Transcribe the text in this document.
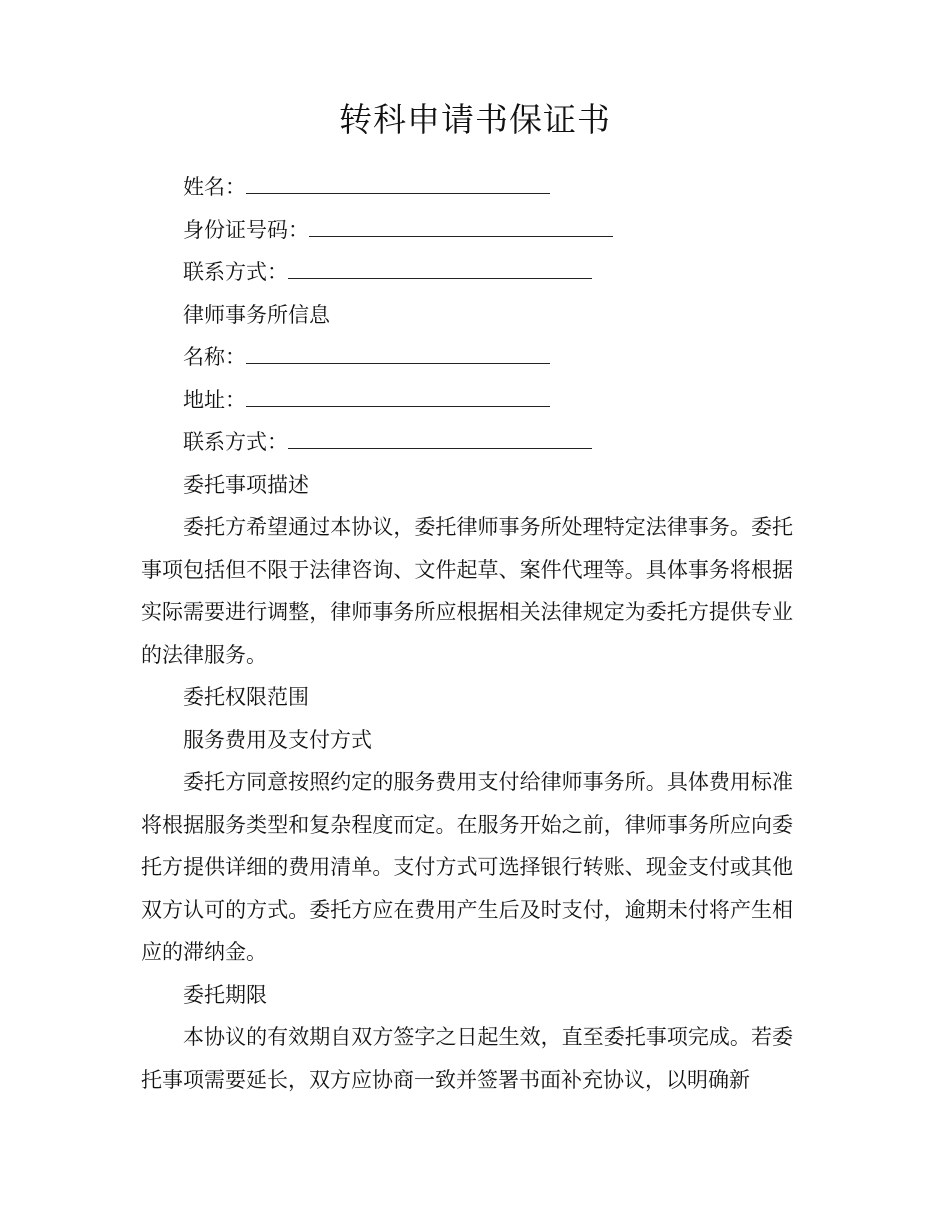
转科申请书保证书
姓名：
身份证号码：
联系方式：
律师事务所信息
名称：
地址：
联系方式：
委托事项描述

委托方希望通过本协议，委托律师事务所处理特定法律事务。委托事项包括但不限于法律咨询、文件起草、案件代理等。具体事务将根据实际需要进行调整，律师事务所应根据相关法律规定为委托方提供专业的法律服务。

委托权限范围
服务费用及支付方式

委托方同意按照约定的服务费用支付给律师事务所。具体费用标准将根据服务类型和复杂程度而定。在服务开始之前，律师事务所应向委托方提供详细的费用清单。支付方式可选择银行转账、现金支付或其他双方认可的方式。委托方应在费用产生后及时支付，逾期未付将产生相应的滞纳金。

委托期限

本协议的有效期自双方签字之日起生效，直至委托事项完成。若委托事项需要延长，双方应协商一致并签署书面补充协议，以明确新
